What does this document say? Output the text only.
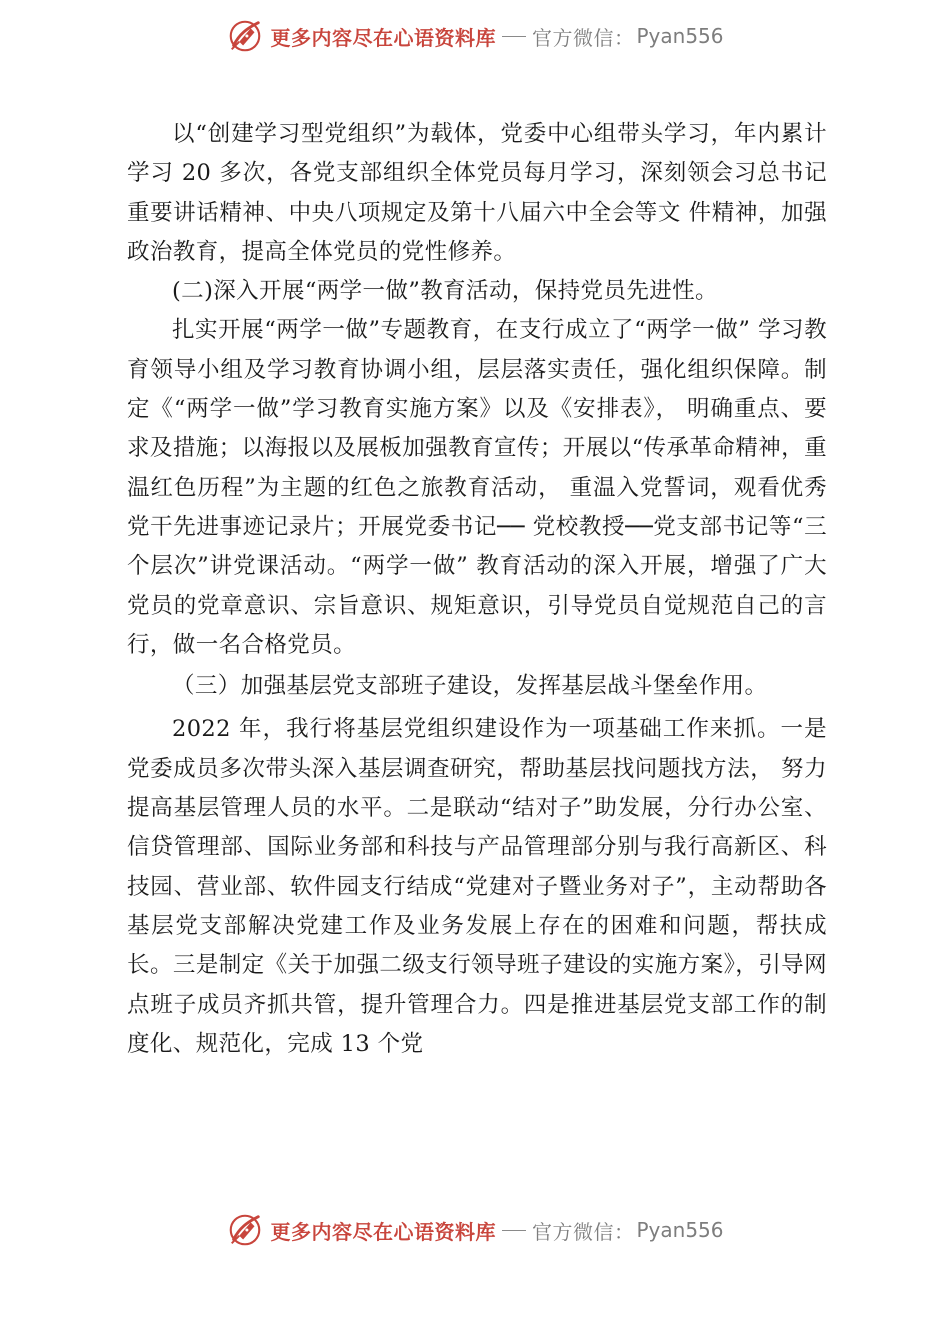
更多内容尽在心语资料库 官方微信： Pyan556

以“创建学习型党组织”为载体，党委中心组带头学习，年内累计学习 20 多次，各党支部组织全体党员每月学习，深刻领会习总书记重要讲话精神、中央八项规定及第十八届六中全会等文 件精神，加强政治教育，提高全体党员的党性修养。

(二)深入开展“两学一做”教育活动，保持党员先进性。

扎实开展“两学一做”专题教育，在支行成立了“两学一做” 学习教育领导小组及学习教育协调小组，层层落实责任，强化组织保障。制定《“两学一做”学习教育实施方案》以及《安排表》， 明确重点、要求及措施；以海报以及展板加强教育宣传；开展以“传承革命精神，重温红色历程”为主题的红色之旅教育活动， 重温入党誓词，观看优秀党干先进事迹记录片；开展党委书记── 党校教授──党支部书记等“三个层次”讲党课活动。“两学一做” 教育活动的深入开展，增强了广大党员的党章意识、宗旨意识、规矩意识，引导党员自觉规范自己的言行，做一名合格党员。

（三）加强基层党支部班子建设，发挥基层战斗堡垒作用。

2022 年，我行将基层党组织建设作为一项基础工作来抓。一是党委成员多次带头深入基层调查研究，帮助基层找问题找方法， 努力提高基层管理人员的水平。二是联动“结对子”助发展，分行办公室、信贷管理部、国际业务部和科技与产品管理部分别与我行高新区、科技园、营业部、软件园支行结成“党建对子暨业务对子”，主动帮助各基层党支部解决党建工作及业务发展上存在的困难和问题，帮扶成长。三是制定《关于加强二级支行领导班子建设的实施方案》，引导网点班子成员齐抓共管，提升管理合力。四是推进基层党支部工作的制度化、规范化，完成 13 个党

更多内容尽在心语资料库 官方微信： Pyan556
